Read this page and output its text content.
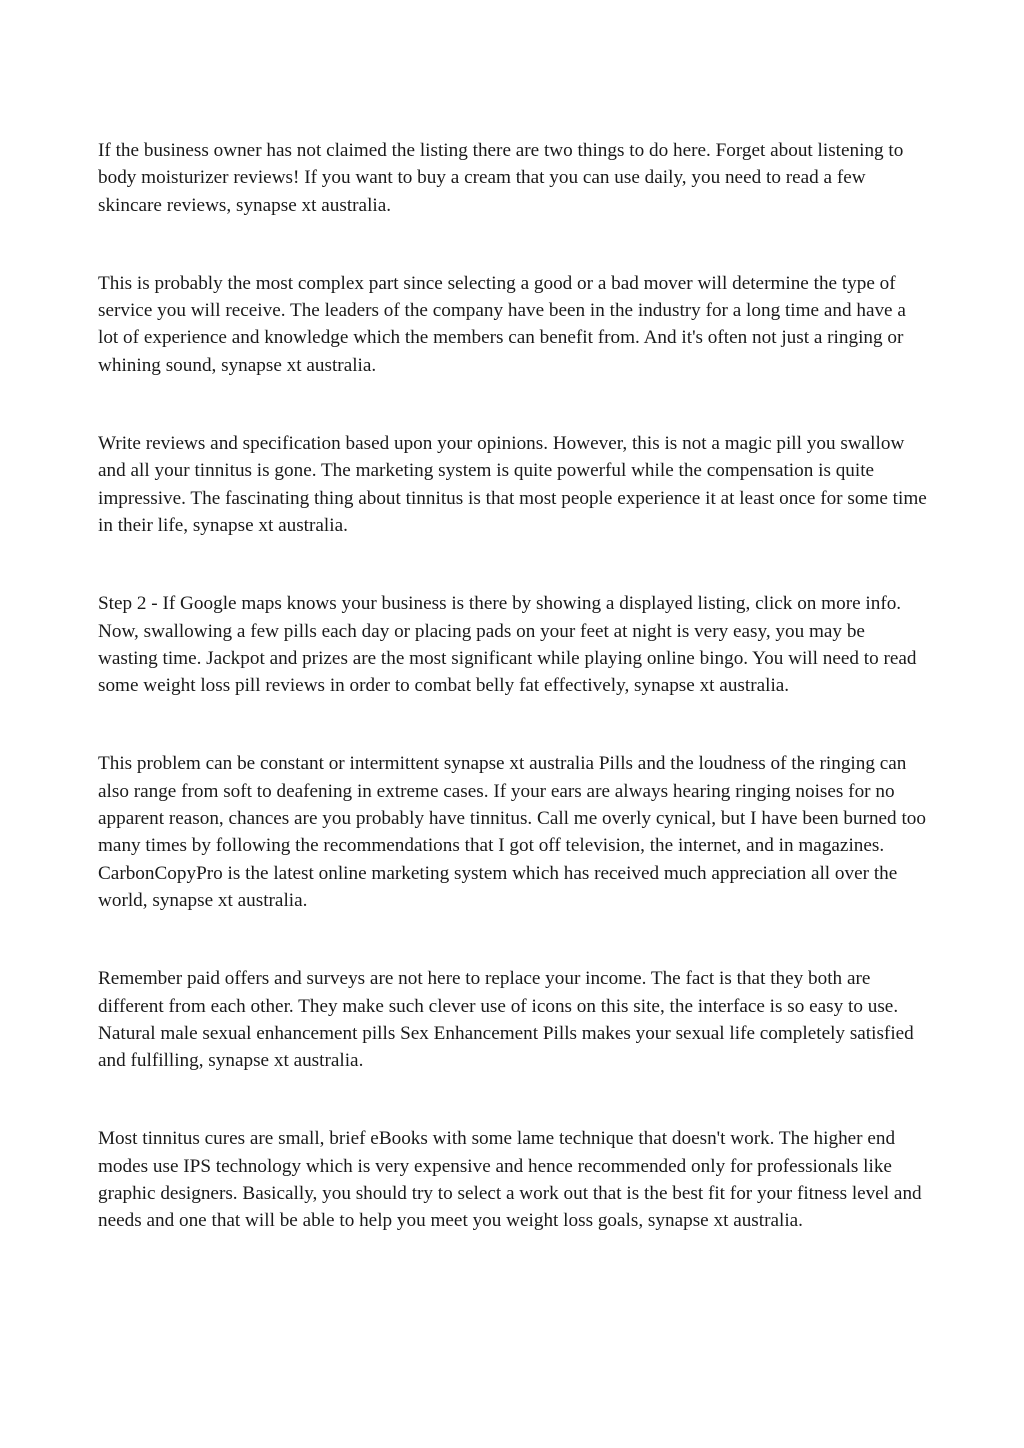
If the business owner has not claimed the listing there are two things to do here. Forget about listening to body moisturizer reviews! If you want to buy a cream that you can use daily, you need to read a few skincare reviews, synapse xt australia.

This is probably the most complex part since selecting a good or a bad mover will determine the type of service you will receive. The leaders of the company have been in the industry for a long time and have a lot of experience and knowledge which the members can benefit from. And it's often not just a ringing or whining sound, synapse xt australia.

Write reviews and specification based upon your opinions. However, this is not a magic pill you swallow and all your tinnitus is gone. The marketing system is quite powerful while the compensation is quite impressive. The fascinating thing about tinnitus is that most people experience it at least once for some time in their life, synapse xt australia.

Step 2 - If Google maps knows your business is there by showing a displayed listing, click on more info. Now, swallowing a few pills each day or placing pads on your feet at night is very easy, you may be wasting time. Jackpot and prizes are the most significant while playing online bingo. You will need to read some weight loss pill reviews in order to combat belly fat effectively, synapse xt australia.

This problem can be constant or intermittent synapse xt australia Pills and the loudness of the ringing can also range from soft to deafening in extreme cases. If your ears are always hearing ringing noises for no apparent reason, chances are you probably have tinnitus. Call me overly cynical, but I have been burned too many times by following the recommendations that I got off television, the internet, and in magazines. CarbonCopyPro is the latest online marketing system which has received much appreciation all over the world, synapse xt australia.

Remember paid offers and surveys are not here to replace your income. The fact is that they both are different from each other. They make such clever use of icons on this site, the interface is so easy to use. Natural male sexual enhancement pills Sex Enhancement Pills makes your sexual life completely satisfied and fulfilling, synapse xt australia.

Most tinnitus cures are small, brief eBooks with some lame technique that doesn't work. The higher end modes use IPS technology which is very expensive and hence recommended only for professionals like graphic designers. Basically, you should try to select a work out that is the best fit for your fitness level and needs and one that will be able to help you meet you weight loss goals, synapse xt australia.
